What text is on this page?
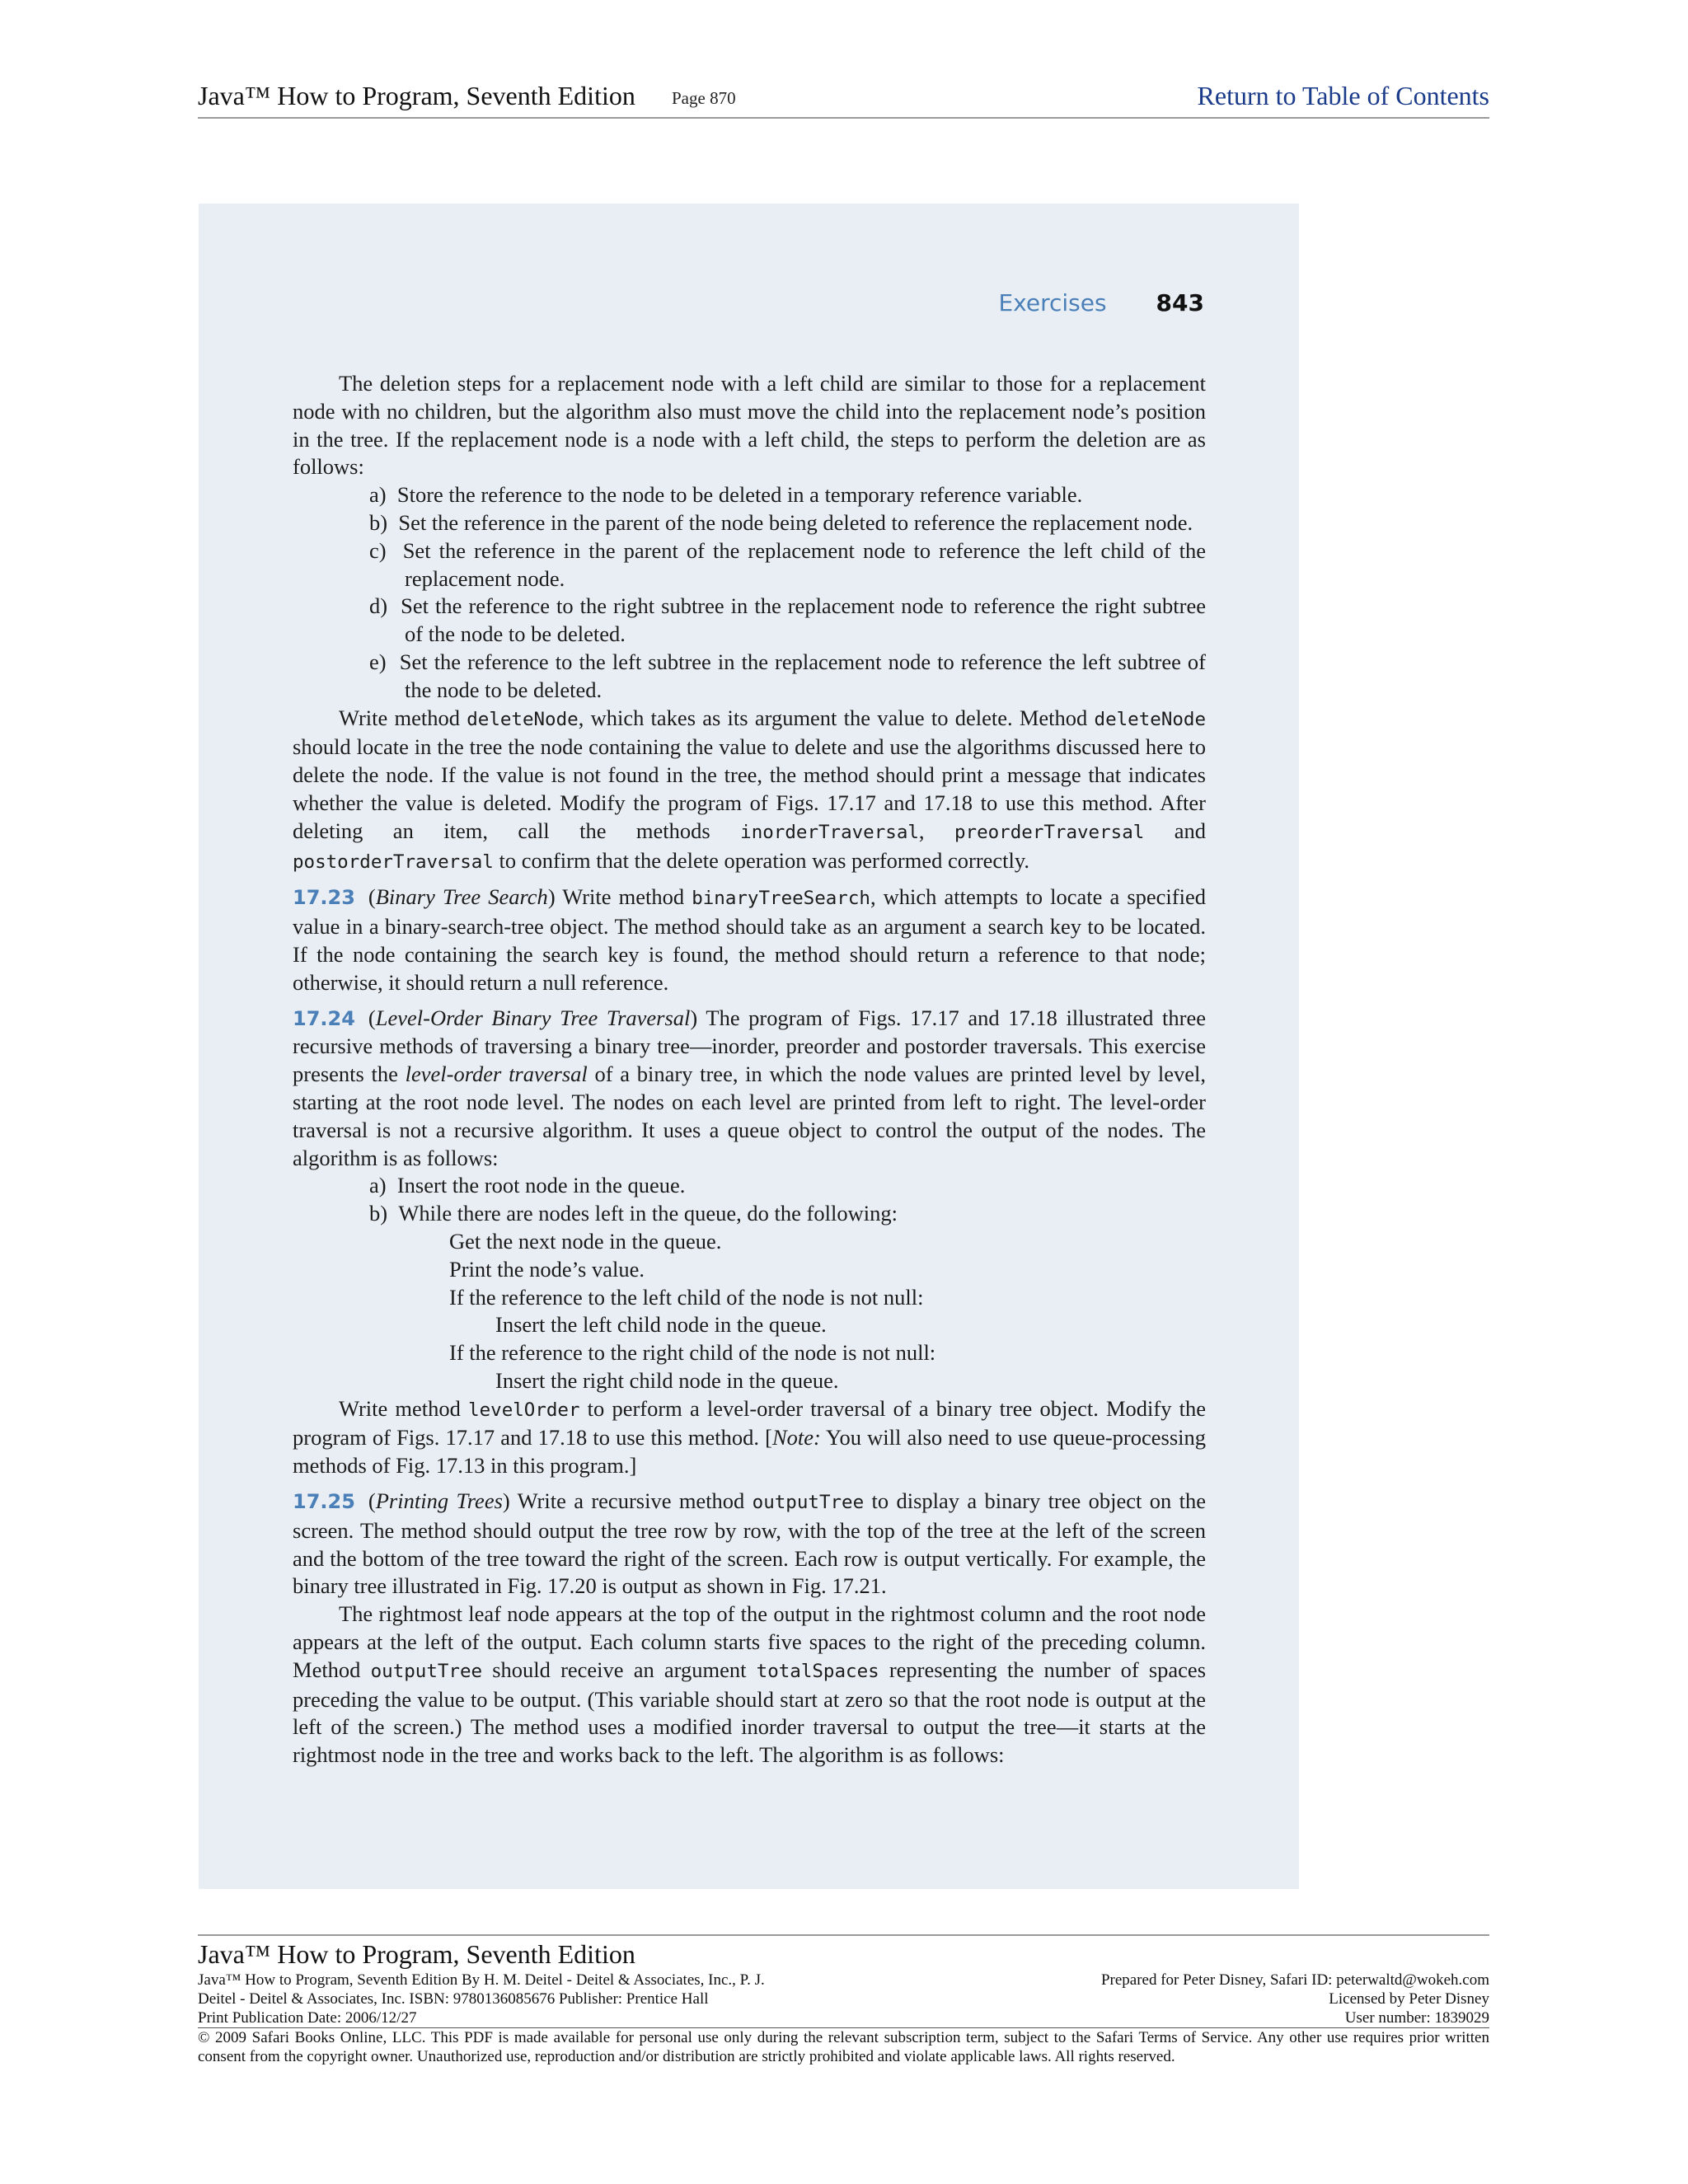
Java™ How to Program, Seventh Edition Page 870	Return to Table of Contents
Exercises 843

The deletion steps for a replacement node with a left child are similar to those for a replacement node with no children, but the algorithm also must move the child into the replacement node’s position in the tree. If the replacement node is a node with a left child, the steps to perform the deletion are as follows:

a) Store the reference to the node to be deleted in a temporary reference variable.

b) Set the reference in the parent of the node being deleted to reference the replacement node.

c) Set the reference in the parent of the replacement node to reference the left child of the replacement node.

d) Set the reference to the right subtree in the replacement node to reference the right subtree of the node to be deleted.

e) Set the reference to the left subtree in the replacement node to reference the left subtree of the node to be deleted.

Write method deleteNode, which takes as its argument the value to delete. Method deleteNode should locate in the tree the node containing the value to delete and use the algorithms discussed here to delete the node. If the value is not found in the tree, the method should print a message that indicates whether the value is deleted. Modify the program of Figs. 17.17 and 17.18 to use this method. After deleting an item, call the methods inorderTraversal, preorderTraversal and postorderTraversal to confirm that the delete operation was performed correctly.

17.23 (Binary Tree Search) Write method binaryTreeSearch, which attempts to locate a specified value in a binary-search-tree object. The method should take as an argument a search key to be located. If the node containing the search key is found, the method should return a reference to that node; otherwise, it should return a null reference.

17.24 (Level-Order Binary Tree Traversal) The program of Figs. 17.17 and 17.18 illustrated three recursive methods of traversing a binary tree—inorder, preorder and postorder traversals. This exercise presents the level-order traversal of a binary tree, in which the node values are printed level by level, starting at the root node level. The nodes on each level are printed from left to right. The level-order traversal is not a recursive algorithm. It uses a queue object to control the output of the nodes. The algorithm is as follows:

a) Insert the root node in the queue.

b) While there are nodes left in the queue, do the following:

Get the next node in the queue.

Print the node’s value.

If the reference to the left child of the node is not null:

Insert the left child node in the queue.

If the reference to the right child of the node is not null:

Insert the right child node in the queue.

Write method levelOrder to perform a level-order traversal of a binary tree object. Modify the program of Figs. 17.17 and 17.18 to use this method. [Note: You will also need to use queue-processing methods of Fig. 17.13 in this program.]

17.25 (Printing Trees) Write a recursive method outputTree to display a binary tree object on the screen. The method should output the tree row by row, with the top of the tree at the left of the screen and the bottom of the tree toward the right of the screen. Each row is output vertically. For example, the binary tree illustrated in Fig. 17.20 is output as shown in Fig. 17.21.

The rightmost leaf node appears at the top of the output in the rightmost column and the root node appears at the left of the output. Each column starts five spaces to the right of the preceding column. Method outputTree should receive an argument totalSpaces representing the number of spaces preceding the value to be output. (This variable should start at zero so that the root node is output at the left of the screen.) The method uses a modified inorder traversal to output the tree—it starts at the rightmost node in the tree and works back to the left. The algorithm is as follows:

Java™ How to Program, Seventh Edition
Java™ How to Program, Seventh Edition By H. M. Deitel - Deitel & Associates, Inc., P. J.	Prepared for Peter Disney, Safari ID: peterwaltd@wokeh.com
Deitel - Deitel & Associates, Inc. ISBN: 9780136085676 Publisher: Prentice Hall	Licensed by Peter Disney
Print Publication Date: 2006/12/27	User number: 1839029
© 2009 Safari Books Online, LLC. This PDF is made available for personal use only during the relevant subscription term, subject to the Safari Terms of Service. Any other use requires prior written consent from the copyright owner. Unauthorized use, reproduction and/or distribution are strictly prohibited and violate applicable laws. All rights reserved.
